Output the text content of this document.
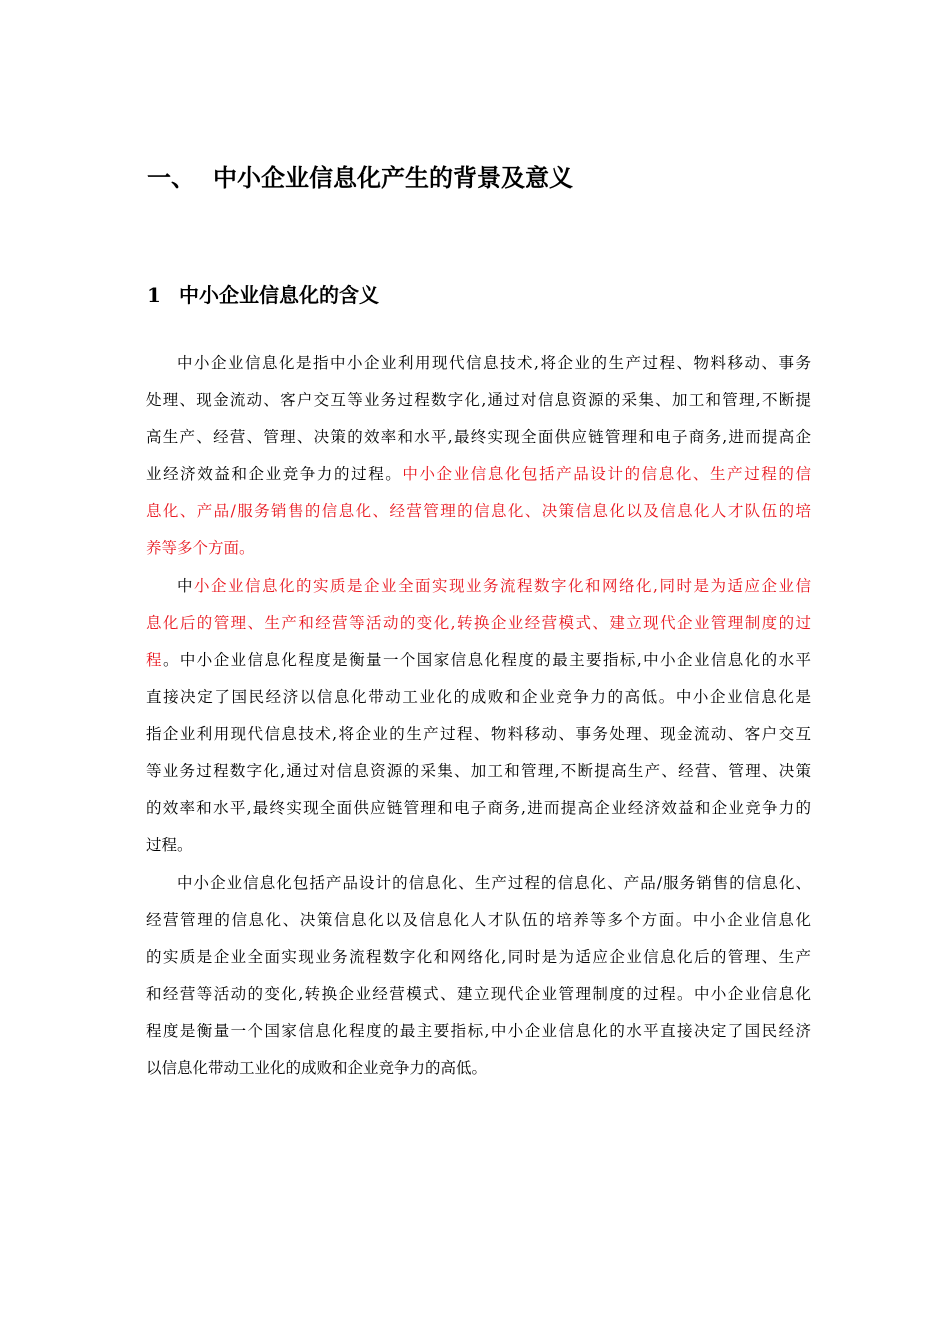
一、 中小企业信息化产生的背景及意义
1 中小企业信息化的含义
中小企业信息化是指中小企业利用现代信息技术,将企业的生产过程、物料移动、事务
处理、现金流动、客户交互等业务过程数字化,通过对信息资源的采集、加工和管理,不断提
高生产、经营、管理、决策的效率和水平,最终实现全面供应链管理和电子商务,进而提高企
业经济效益和企业竞争力的过程。中小企业信息化包括产品设计的信息化、生产过程的信
息化、产品/服务销售的信息化、经营管理的信息化、决策信息化以及信息化人才队伍的培
养等多个方面。
中小企业信息化的实质是企业全面实现业务流程数字化和网络化,同时是为适应企业信
息化后的管理、生产和经营等活动的变化,转换企业经营模式、建立现代企业管理制度的过
程。中小企业信息化程度是衡量一个国家信息化程度的最主要指标,中小企业信息化的水平
直接决定了国民经济以信息化带动工业化的成败和企业竞争力的高低。中小企业信息化是
指企业利用现代信息技术,将企业的生产过程、物料移动、事务处理、现金流动、客户交互
等业务过程数字化,通过对信息资源的采集、加工和管理,不断提高生产、经营、管理、决策
的效率和水平,最终实现全面供应链管理和电子商务,进而提高企业经济效益和企业竞争力的
过程。
中小企业信息化包括产品设计的信息化、生产过程的信息化、产品/服务销售的信息化、
经营管理的信息化、决策信息化以及信息化人才队伍的培养等多个方面。中小企业信息化
的实质是企业全面实现业务流程数字化和网络化,同时是为适应企业信息化后的管理、生产
和经营等活动的变化,转换企业经营模式、建立现代企业管理制度的过程。中小企业信息化
程度是衡量一个国家信息化程度的最主要指标,中小企业信息化的水平直接决定了国民经济
以信息化带动工业化的成败和企业竞争力的高低。
